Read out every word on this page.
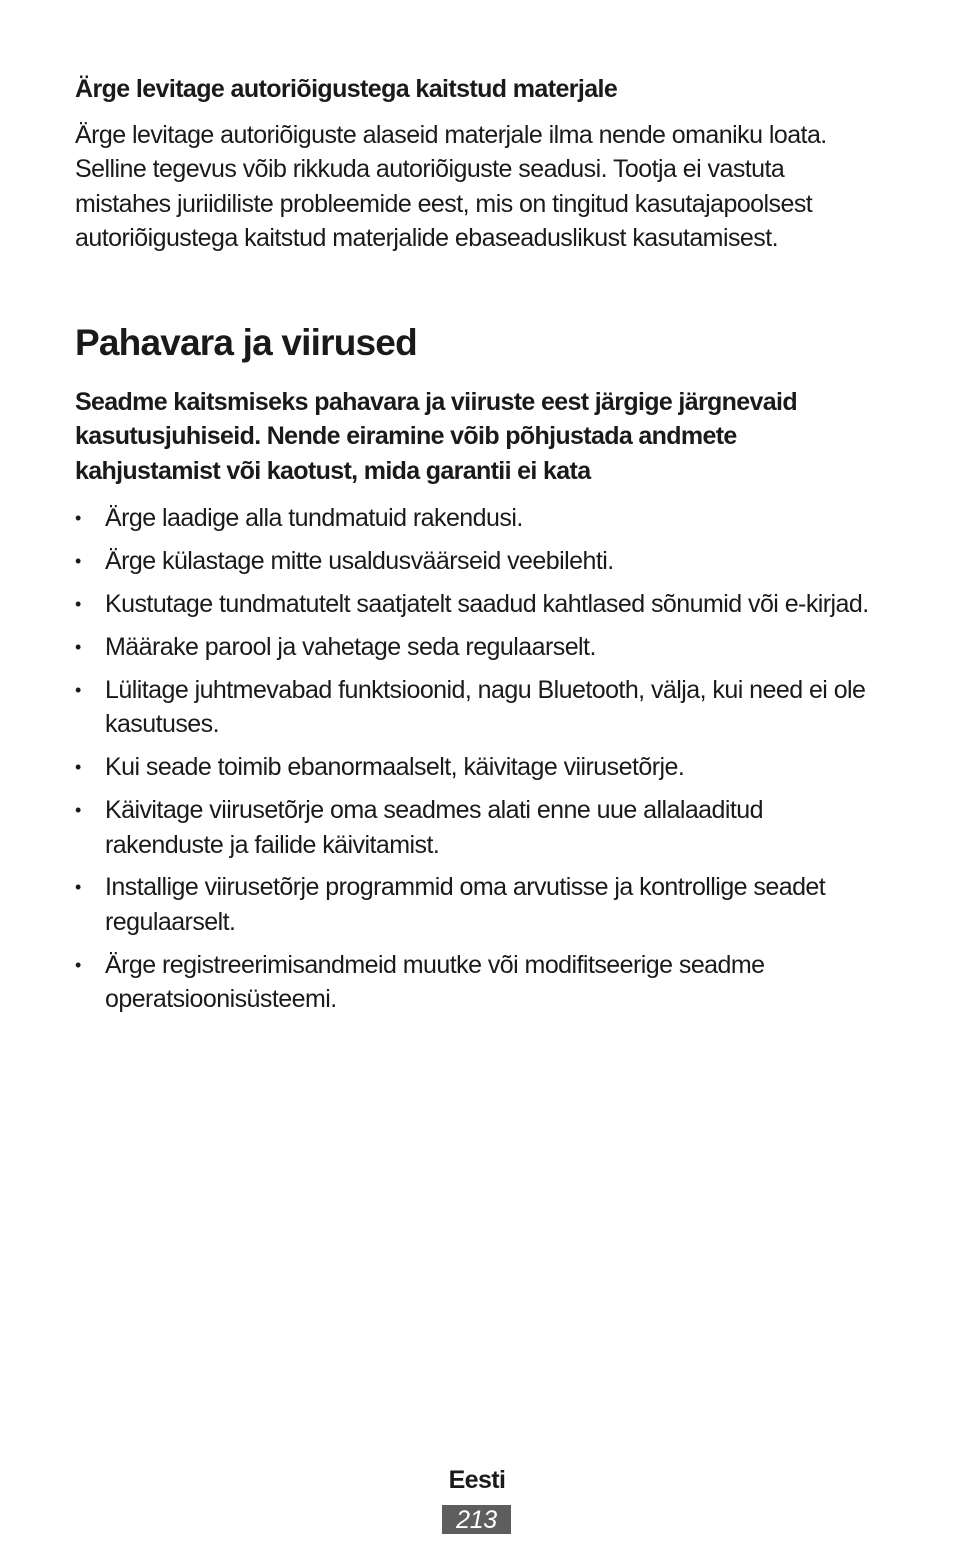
Ärge levitage autoriõigustega kaitstud materjale

Ärge levitage autoriõiguste alaseid materjale ilma nende omaniku loata. Selline tegevus võib rikkuda autoriõiguste seadusi. Tootja ei vastuta mistahes juriidiliste probleemide eest, mis on tingitud kasutajapoolsest autoriõigustega kaitstud materjalide ebaseaduslikust kasutamisest.

Pahavara ja viirused

Seadme kaitsmiseks pahavara ja viiruste eest järgige järgnevaid kasutusjuhiseid. Nende eiramine võib põhjustada andmete kahjustamist või kaotust, mida garantii ei kata

• Ärge laadige alla tundmatuid rakendusi.
• Ärge külastage mitte usaldusväärseid veebilehti.
• Kustutage tundmatutelt saatjatelt saadud kahtlased sõnumid või e-kirjad.
• Määrake parool ja vahetage seda regulaarselt.
• Lülitage juhtmevabad funktsioonid, nagu Bluetooth, välja, kui need ei ole kasutuses.
• Kui seade toimib ebanormaalselt, käivitage viirusetõrje.
• Käivitage viirusetõrje oma seadmes alati enne uue allalaaditud rakenduste ja failide käivitamist.
• Installige viirusetõrje programmid oma arvutisse ja kontrollige seadet regulaarselt.
• Ärge registreerimisandmeid muutke või modifitseerige seadme operatsioonisüsteemi.

Eesti

213
